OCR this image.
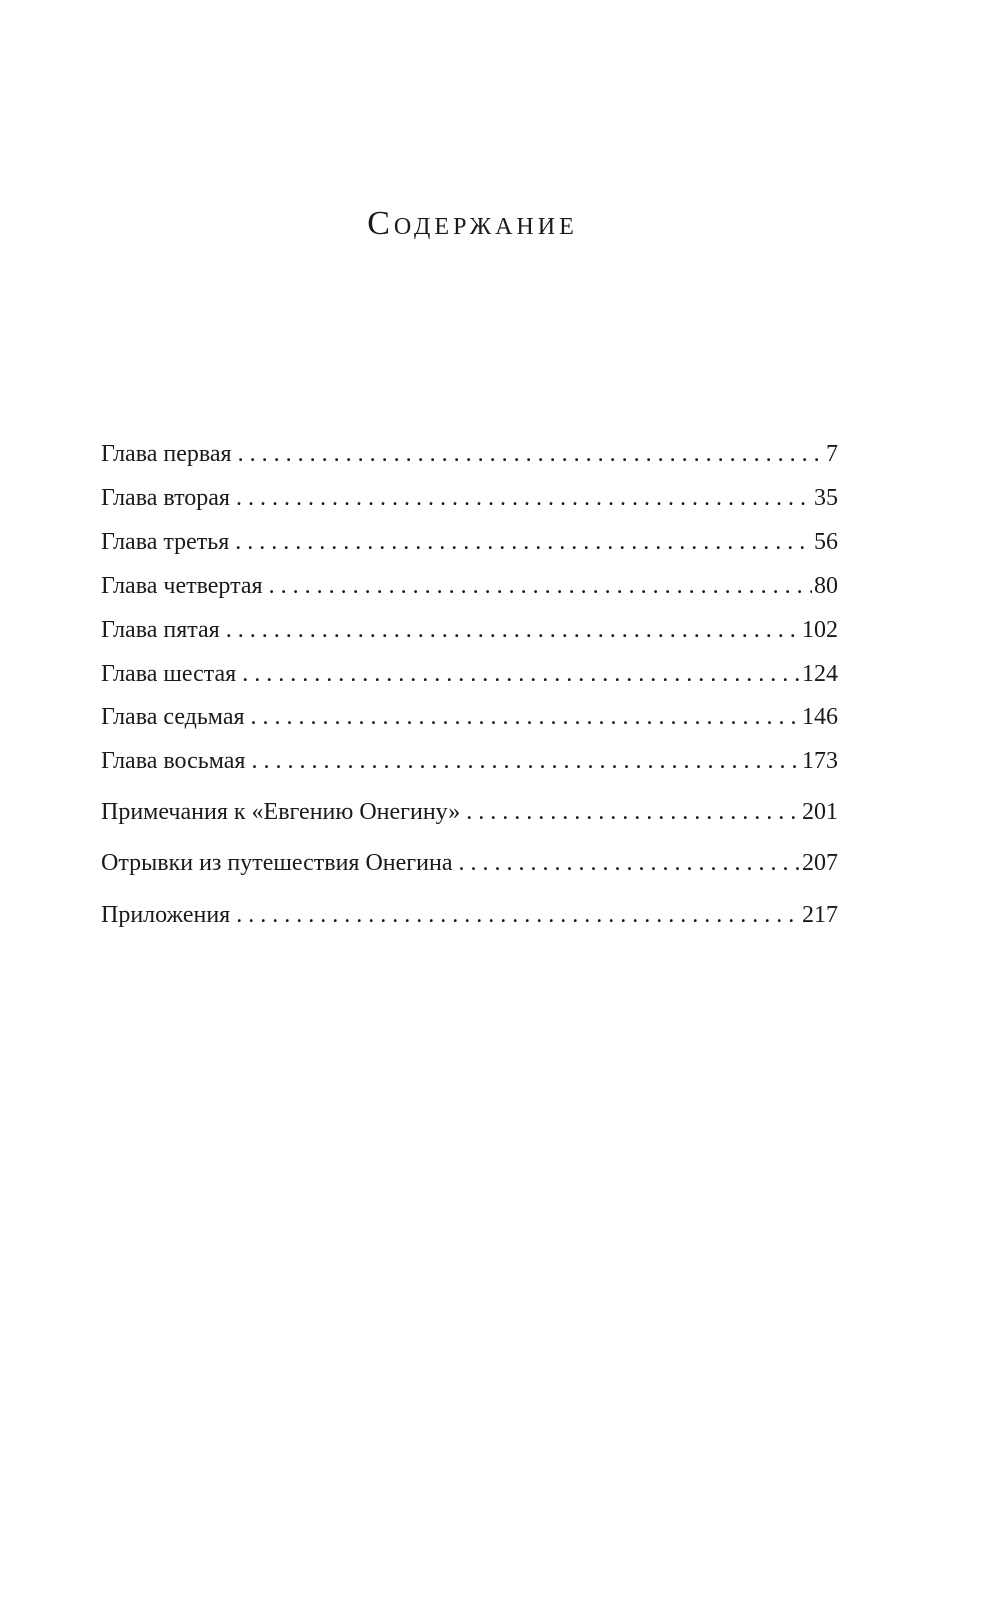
Содержание
Глава первая . . .	7
Глава вторая . . .	35
Глава третья . . .	56
Глава четвертая . . .	80
Глава пятая . . .	102
Глава шестая . . .	124
Глава седьмая . . .	146
Глава восьмая . . .	173
Примечания к «Евгению Онегину» . . .	201
Отрывки из путешествия Онегина . . .	207
Приложения . . .	217
